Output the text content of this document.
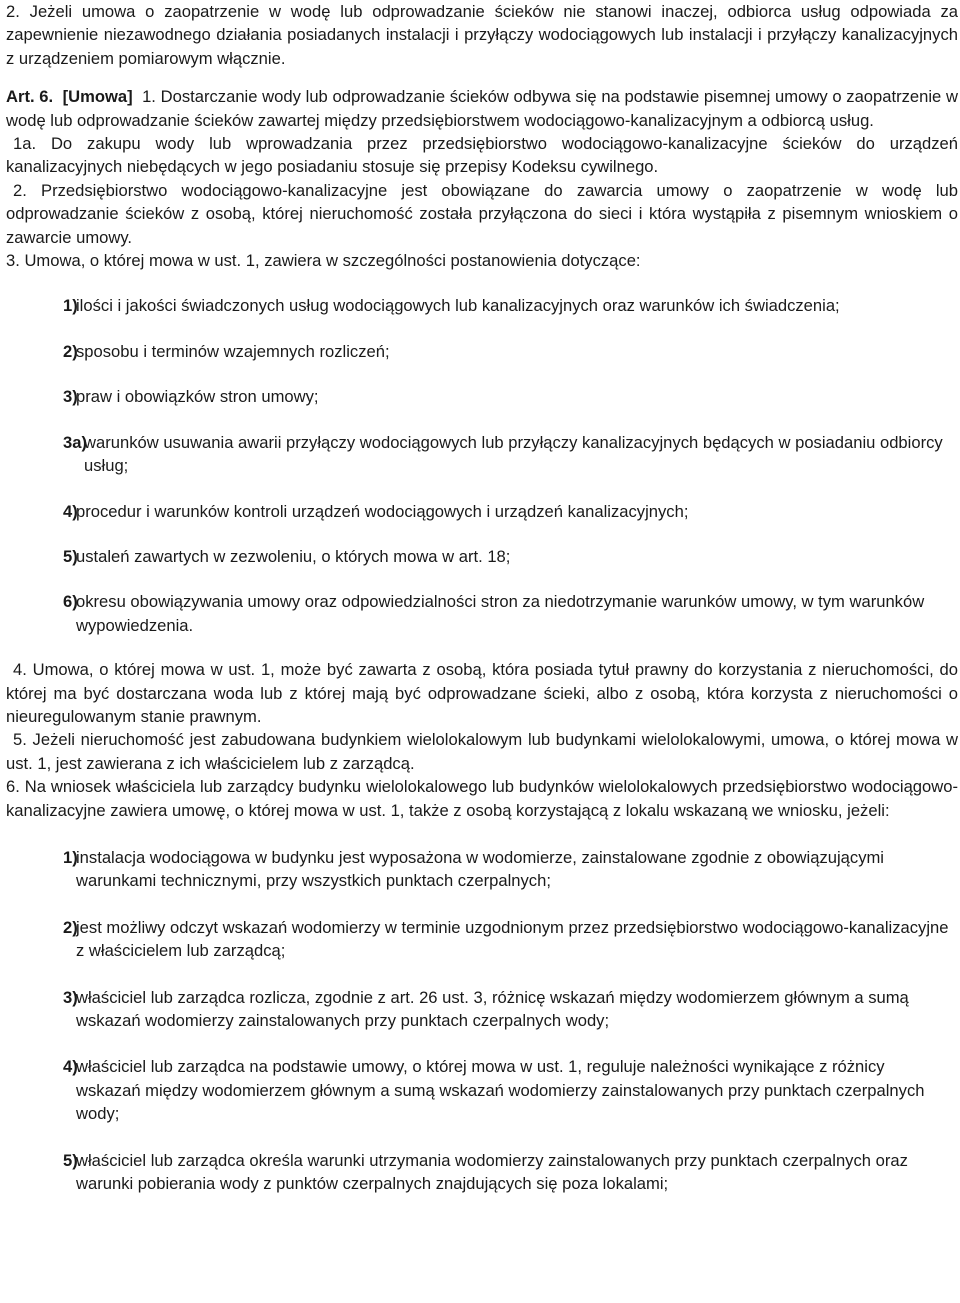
2. Jeżeli umowa o zaopatrzenie w wodę lub odprowadzanie ścieków nie stanowi inaczej, odbiorca usług odpowiada za zapewnienie niezawodnego działania posiadanych instalacji i przyłączy wodociągowych lub instalacji i przyłączy kanalizacyjnych z urządzeniem pomiarowym włącznie.

Art. 6. [Umowa] 1. Dostarczanie wody lub odprowadzanie ścieków odbywa się na podstawie pisemnej umowy o zaopatrzenie w wodę lub odprowadzanie ścieków zawartej między przedsiębiorstwem wodociągowo-kanalizacyjnym a odbiorcą usług.

1a. Do zakupu wody lub wprowadzania przez przedsiębiorstwo wodociągowo-kanalizacyjne ścieków do urządzeń kanalizacyjnych niebędących w jego posiadaniu stosuje się przepisy Kodeksu cywilnego.

2. Przedsiębiorstwo wodociągowo-kanalizacyjne jest obowiązane do zawarcia umowy o zaopatrzenie w wodę lub odprowadzanie ścieków z osobą, której nieruchomość została przyłączona do sieci i która wystąpiła z pisemnym wnioskiem o zawarcie umowy.

3. Umowa, o której mowa w ust. 1, zawiera w szczególności postanowienia dotyczące:

1)
ilości i jakości świadczonych usług wodociągowych lub kanalizacyjnych oraz warunków ich świadczenia;
2)
sposobu i terminów wzajemnych rozliczeń;
3)
praw i obowiązków stron umowy;
3a)
warunków usuwania awarii przyłączy wodociągowych lub przyłączy kanalizacyjnych będących w posiadaniu odbiorcy usług;
4)
procedur i warunków kontroli urządzeń wodociągowych i urządzeń kanalizacyjnych;
5)
ustaleń zawartych w zezwoleniu, o których mowa w art. 18;
6)
okresu obowiązywania umowy oraz odpowiedzialności stron za niedotrzymanie warunków umowy, w tym warunków wypowiedzenia.

4. Umowa, o której mowa w ust. 1, może być zawarta z osobą, która posiada tytuł prawny do korzystania z nieruchomości, do której ma być dostarczana woda lub z której mają być odprowadzane ścieki, albo z osobą, która korzysta z nieruchomości o nieuregulowanym stanie prawnym.

5. Jeżeli nieruchomość jest zabudowana budynkiem wielolokalowym lub budynkami wielolokalowymi, umowa, o której mowa w ust. 1, jest zawierana z ich właścicielem lub z zarządcą.

6. Na wniosek właściciela lub zarządcy budynku wielolokalowego lub budynków wielolokalowych przedsiębiorstwo wodociągowo-kanalizacyjne zawiera umowę, o której mowa w ust. 1, także z osobą korzystającą z lokalu wskazaną we wniosku, jeżeli:

1)
instalacja wodociągowa w budynku jest wyposażona w wodomierze, zainstalowane zgodnie z obowiązującymi warunkami technicznymi, przy wszystkich punktach czerpalnych;
2)
jest możliwy odczyt wskazań wodomierzy w terminie uzgodnionym przez przedsiębiorstwo wodociągowo-kanalizacyjne z właścicielem lub zarządcą;
3)
właściciel lub zarządca rozlicza, zgodnie z art. 26 ust. 3, różnicę wskazań między wodomierzem głównym a sumą wskazań wodomierzy zainstalowanych przy punktach czerpalnych wody;
4)
właściciel lub zarządca na podstawie umowy, o której mowa w ust. 1, reguluje należności wynikające z różnicy wskazań między wodomierzem głównym a sumą wskazań wodomierzy zainstalowanych przy punktach czerpalnych wody;
5)
właściciel lub zarządca określa warunki utrzymania wodomierzy zainstalowanych przy punktach czerpalnych oraz warunki pobierania wody z punktów czerpalnych znajdujących się poza lokalami;
